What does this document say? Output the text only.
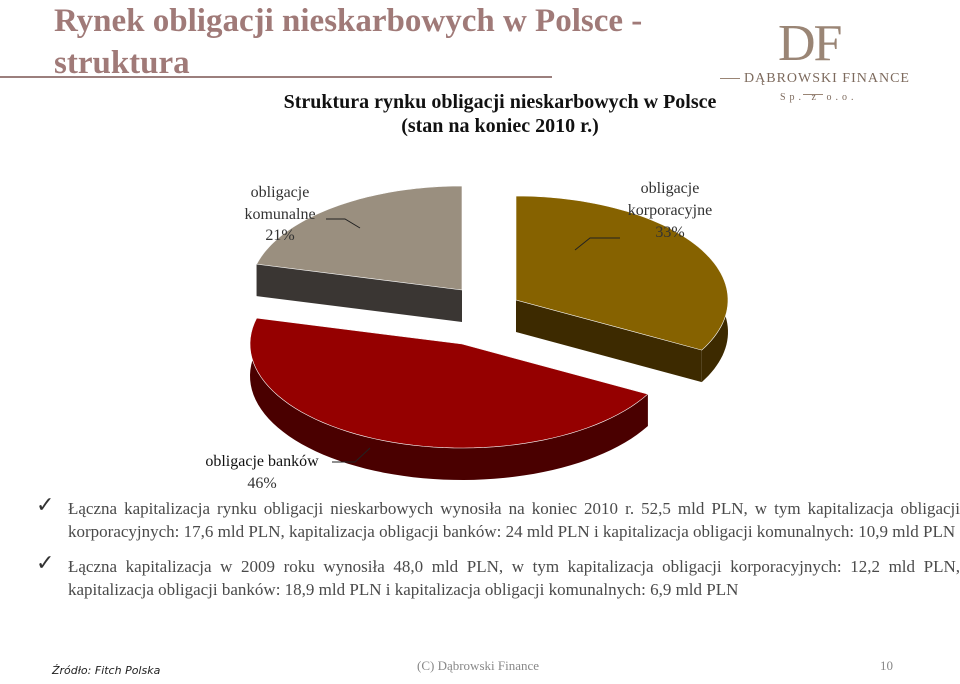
Rynek obligacji nieskarbowych w Polsce - struktura	DF
DĄBROWSKI FINANCE
Sp. z o.o.
Struktura rynku obligacji nieskarbowych w Polsce
(stan na koniec 2010 r.)
obligacje
korporacyjne
33%
obligacje
komunalne
21%
obligacje banków
46%
✓ Łączna kapitalizacja rynku obligacji nieskarbowych wynosiła na koniec 2010 r. 52,5 mld PLN, w tym kapitalizacja obligacji korporacyjnych: 17,6 mld PLN, kapitalizacja obligacji banków: 24 mld PLN i kapitalizacja obligacji komunalnych: 10,9 mld PLN
✓ Łączna kapitalizacja w 2009 roku wynosiła 48,0 mld PLN, w tym kapitalizacja obligacji korporacyjnych: 12,2 mld PLN, kapitalizacja obligacji banków: 18,9 mld PLN i kapitalizacja obligacji komunalnych: 6,9 mld PLN
Źródło: Fitch Polska	(C) Dąbrowski Finance	10
